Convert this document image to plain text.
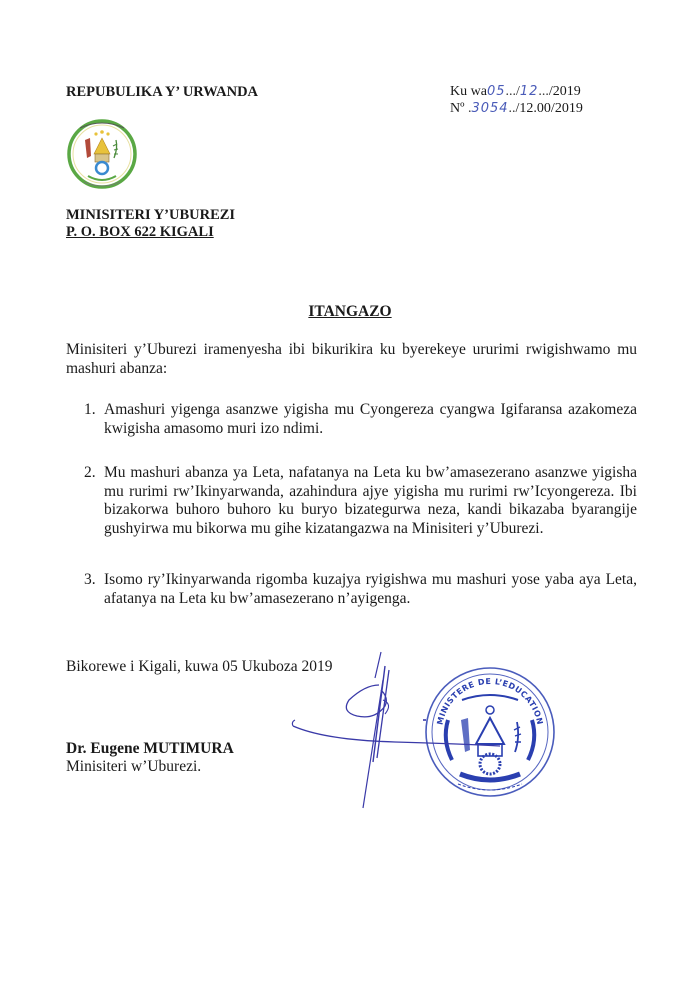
REPUBULIKA Y’ URWANDA	Ku wa05.../12.../2019
Nº .3054../12.00/2019
MINISITERI Y’UBUREZI
P. O. BOX 622 KIGALI
ITANGAZO
Minisiteri y’Uburezi iramenyesha ibi bikurikira ku byerekeye ururimi rwigishwamo mu mashuri abanza:
1. Amashuri yigenga asanzwe yigisha mu Cyongereza cyangwa Igifaransa azakomeza kwigisha amasomo muri izo ndimi.
2. Mu mashuri abanza ya Leta, nafatanya na Leta ku bw’amasezerano asanzwe yigisha mu rurimi rw’Ikinyarwanda, azahindura ajye yigisha mu rurimi rw’Icyongereza. Ibi bizakorwa buhoro buhoro ku buryo bizategurwa neza, kandi bikazaba byarangije gushyirwa mu bikorwa mu gihe kizatangazwa na Minisiteri y’Uburezi.
3. Isomo ry’Ikinyarwanda rigomba kuzajya ryigishwa mu mashuri yose yaba aya Leta, afatanya na Leta ku bw’amasezerano n’ayigenga.
Bikorewe i Kigali, kuwa 05 Ukuboza 2019
Dr. Eugene MUTIMURA
Minisiteri w’Uburezi.
MINISTERE DE L’EDUCATION
